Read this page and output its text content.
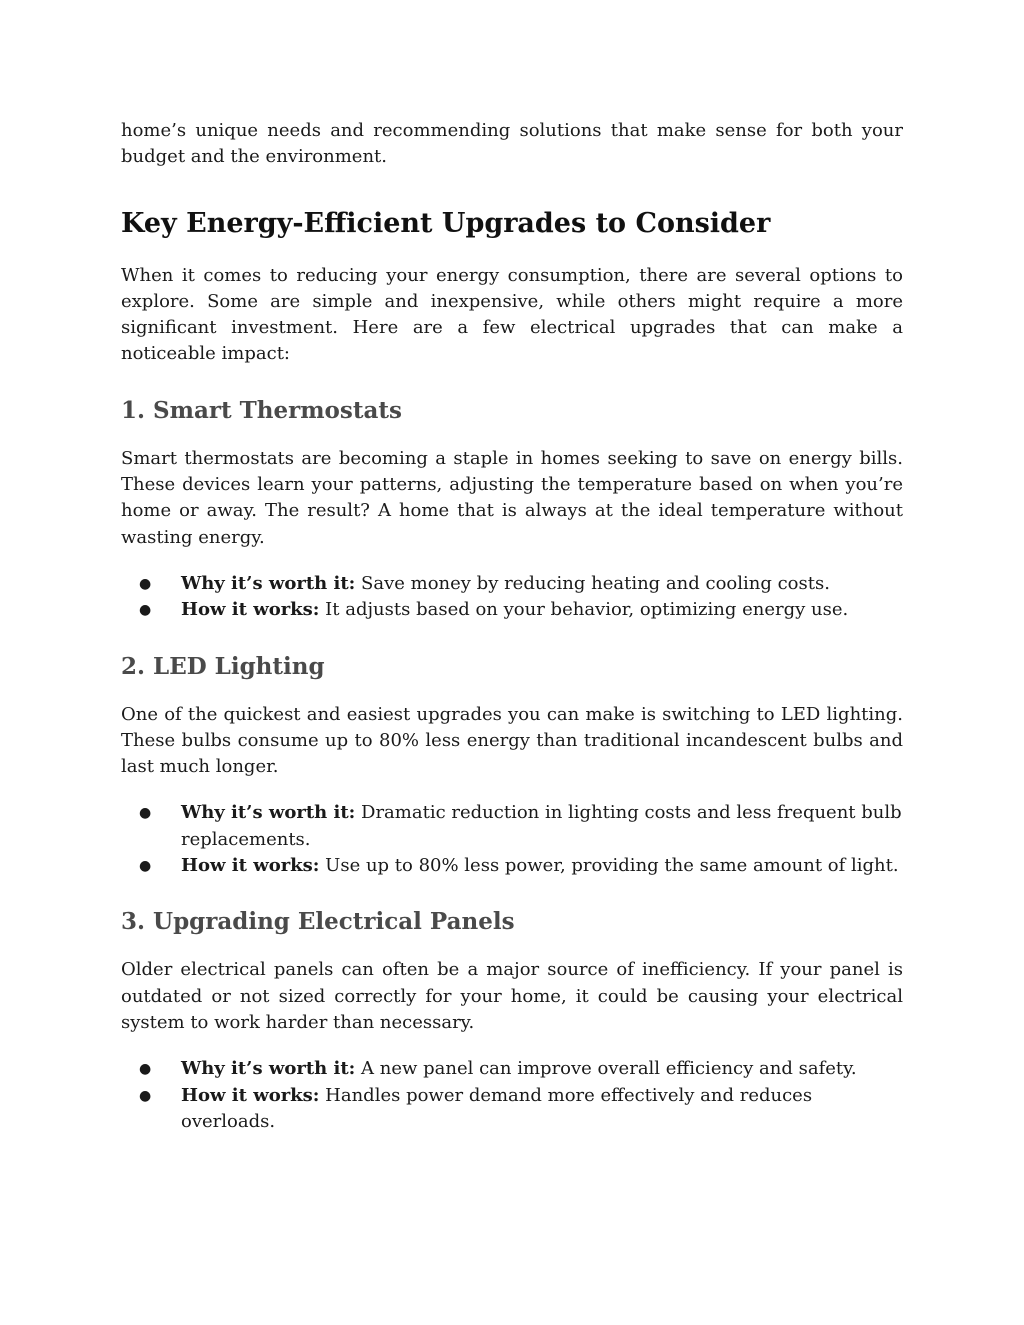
home’s unique needs and recommending solutions that make sense for both your budget and the environment.

Key Energy-Efficient Upgrades to Consider

When it comes to reducing your energy consumption, there are several options to explore. Some are simple and inexpensive, while others might require a more significant investment. Here are a few electrical upgrades that can make a noticeable impact:

1. Smart Thermostats

Smart thermostats are becoming a staple in homes seeking to save on energy bills. These devices learn your patterns, adjusting the temperature based on when you’re home or away. The result? A home that is always at the ideal temperature without wasting energy.

● Why it’s worth it: Save money by reducing heating and cooling costs.
● How it works: It adjusts based on your behavior, optimizing energy use.
2. LED Lighting

One of the quickest and easiest upgrades you can make is switching to LED lighting. These bulbs consume up to 80% less energy than traditional incandescent bulbs and last much longer.

● Why it’s worth it: Dramatic reduction in lighting costs and less frequent bulb replacements.
● How it works: Use up to 80% less power, providing the same amount of light.
3. Upgrading Electrical Panels

Older electrical panels can often be a major source of inefficiency. If your panel is outdated or not sized correctly for your home, it could be causing your electrical system to work harder than necessary.

● Why it’s worth it: A new panel can improve overall efficiency and safety.
● How it works: Handles power demand more effectively and reduces overloads.
